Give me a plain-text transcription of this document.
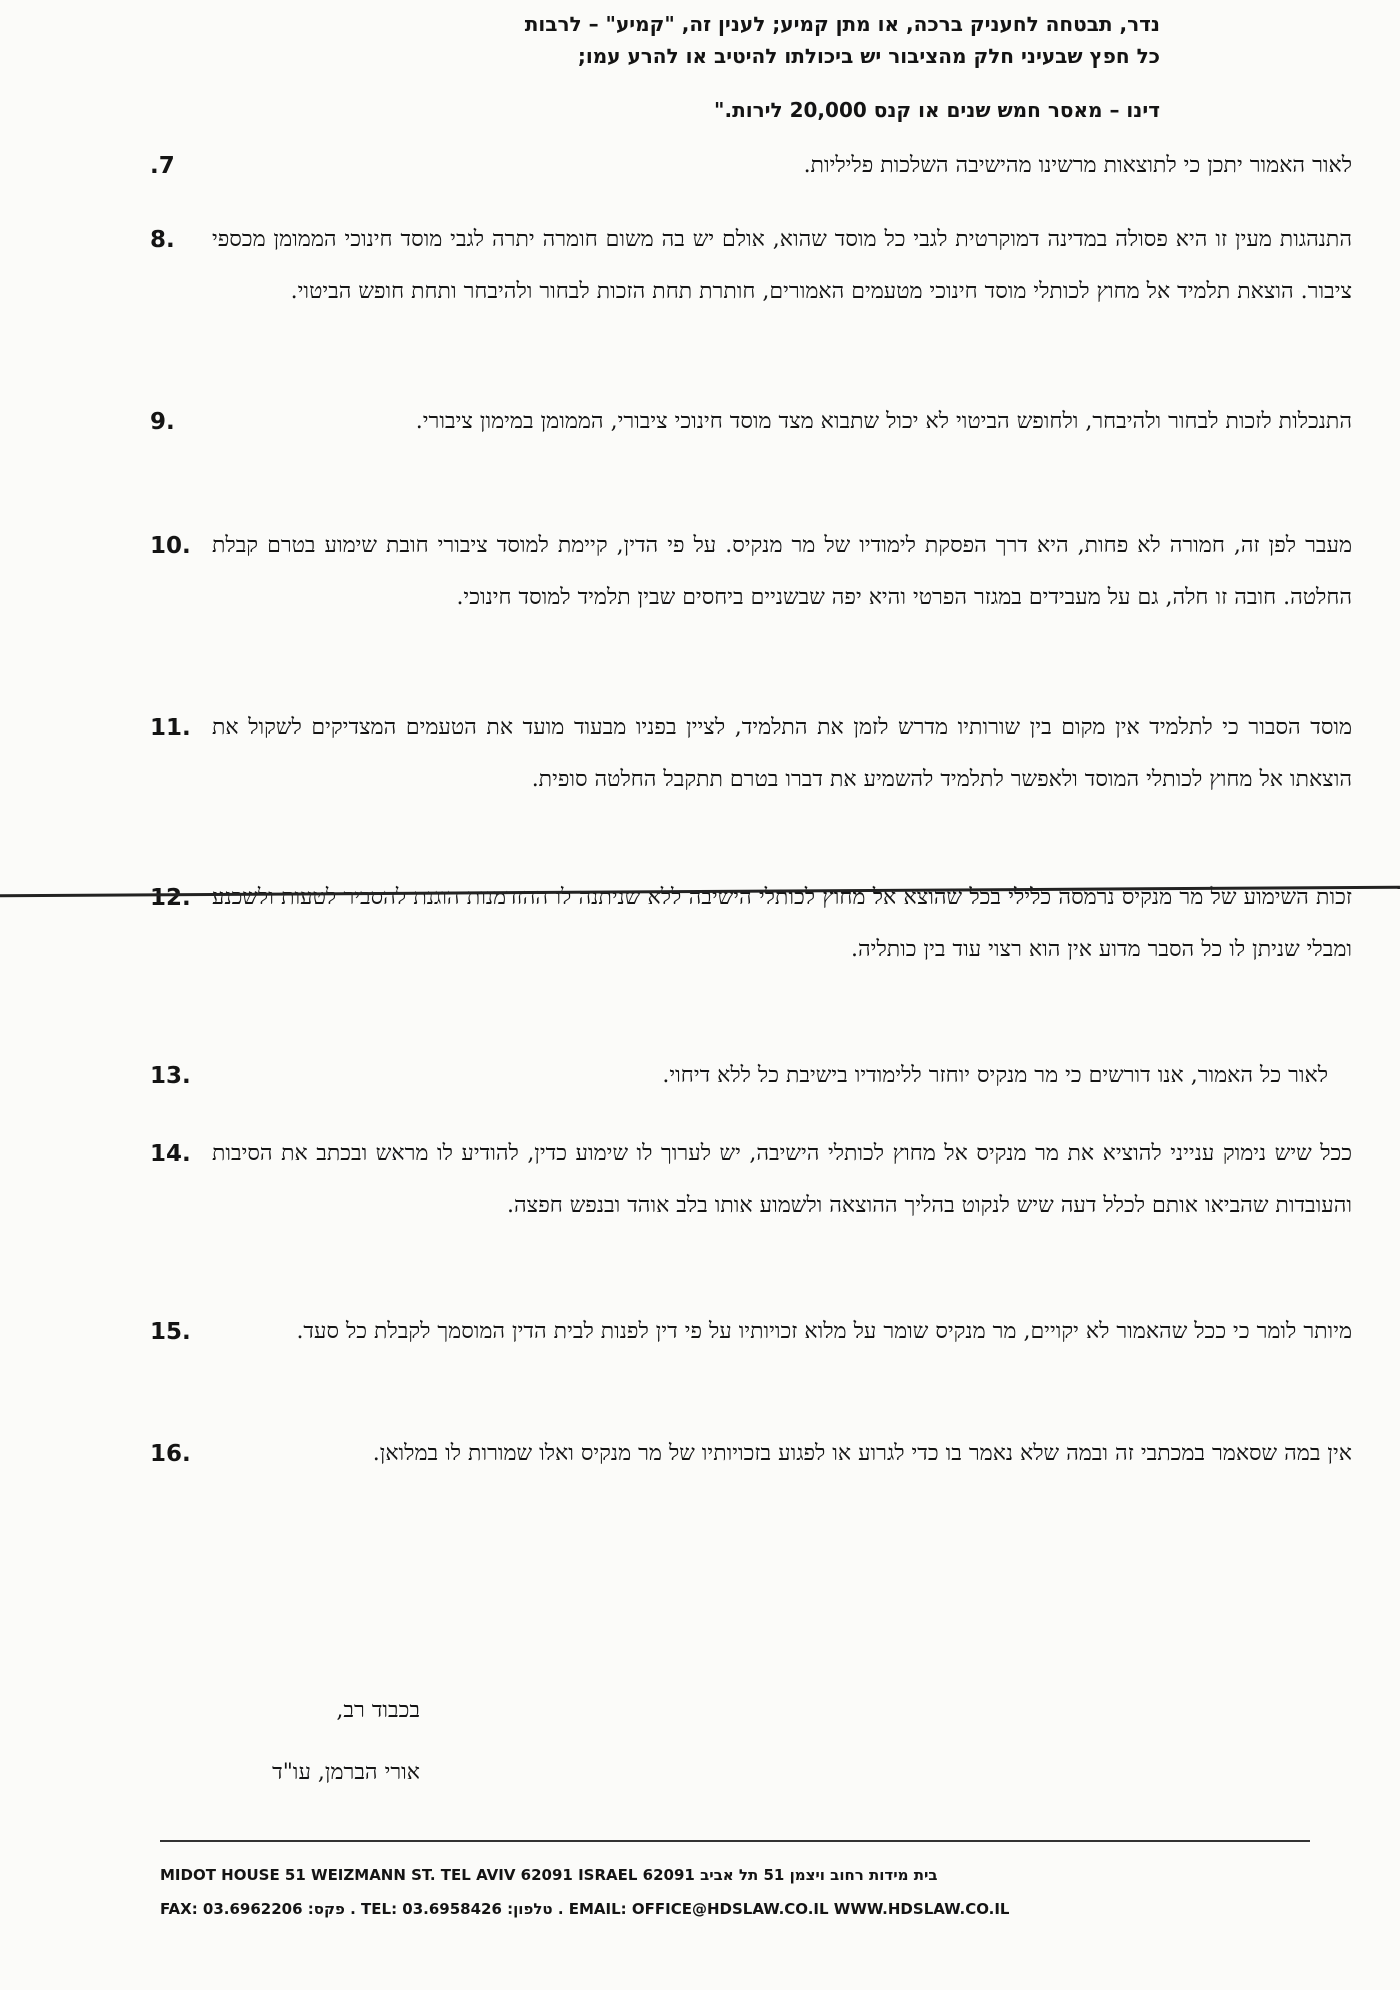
נדר, תבטחה לחעניק ברכה, או מתן קמיע; לענין זה, "קמיע" – לרבות

כל חפץ שבעיני חלק מהציבור יש ביכולתו להיטיב או להרע עמו;

דינו – מאסר חמש שנים או קנס 20,000 לירות."

לאור האמור יתכן כי לתוצאות מרשינו מהישיבה השלכות פליליות.

7.

התנהגות מעין זו היא פסולה במדינה דמוקרטית לגבי כל מוסד שהוא, אולם יש בה משום חומרה יתרה לגבי מוסד חינוכי הממומן מכספי ציבור. הוצאת תלמיד אל מחוץ לכותלי מוסד חינוכי מטעמים האמורים, חותרת תחת הזכות לבחור ולהיבחר ותחת חופש הביטוי.

.8

התנכלות לזכות לבחור ולהיבחר, ולחופש הביטוי לא יכול שתבוא מצד מוסד חינוכי ציבורי, הממומן במימון ציבורי.

.9

מעבר לפן זה, חמורה לא פחות, היא דרך הפסקת לימודיו של מר מנקיס. על פי הדין, קיימת למוסד ציבורי חובת שימוע בטרם קבלת החלטה. חובה זו חלה, גם על מעבידים במגזר הפרטי והיא יפה שבשניים ביחסים שבין תלמיד למוסד חינוכי.

.10

מוסד הסבור כי לתלמיד אין מקום בין שורותיו מדרש לזמן את התלמיד, לציין בפניו מבעוד מועד את הטעמים המצדיקים לשקול את הוצאתו אל מחוץ לכותלי המוסד ולאפשר לתלמיד להשמיע את דברו בטרם תתקבל החלטה סופית.

.11

זכות השימוע של מר מנקיס נרמסה כלילי בכל שהוצא אל מחוץ לכותלי הישיבה ללא שניתנה לו ההזדמנות הוגנת להסביר לטעות ולשכנע ומבלי שניתן לו כל הסבר מדוע אין הוא רצוי עוד בין כותליה.

.12

לאור כל האמור, אנו דורשים כי מר מנקיס יוחזר ללימודיו בישיבת כל ללא דיחוי.

.13

ככל שיש נימוק ענייני להוציא את מר מנקיס אל מחוץ לכותלי הישיבה, יש לערוך לו שימוע כדין, להודיע לו מראש ובכתב את הסיבות והעובדות שהביאו אותם לכלל דעה שיש לנקוט בהליך ההוצאה ולשמוע אותו בלב אוהד ובנפש חפצה.

.14

מיותר לומר כי ככל שהאמור לא יקויים, מר מנקיס שומר על מלוא זכויותיו על פי דין לפנות לבית הדין המוסמך לקבלת כל סעד.

.15

אין במה שסאמר במכתבי זה ובמה שלא נאמר בו כדי לגרוע או לפגוע בזכויותיו של מר מנקיס ואלו שמורות לו במלואן.

.16
בכבוד רב,
אורי הברמן, עו"ד
MIDOT HOUSE 51 WEIZMANN ST. TEL AVIV 62091 ISRAEL 62091 בית מידות רחוב ויצמן 51 תל אביב
FAX: 03.6962206 :פקס . TEL: 03.6958426 :טלפון . EMAIL: OFFICE@HDSLAW.CO.IL WWW.HDSLAW.CO.IL
